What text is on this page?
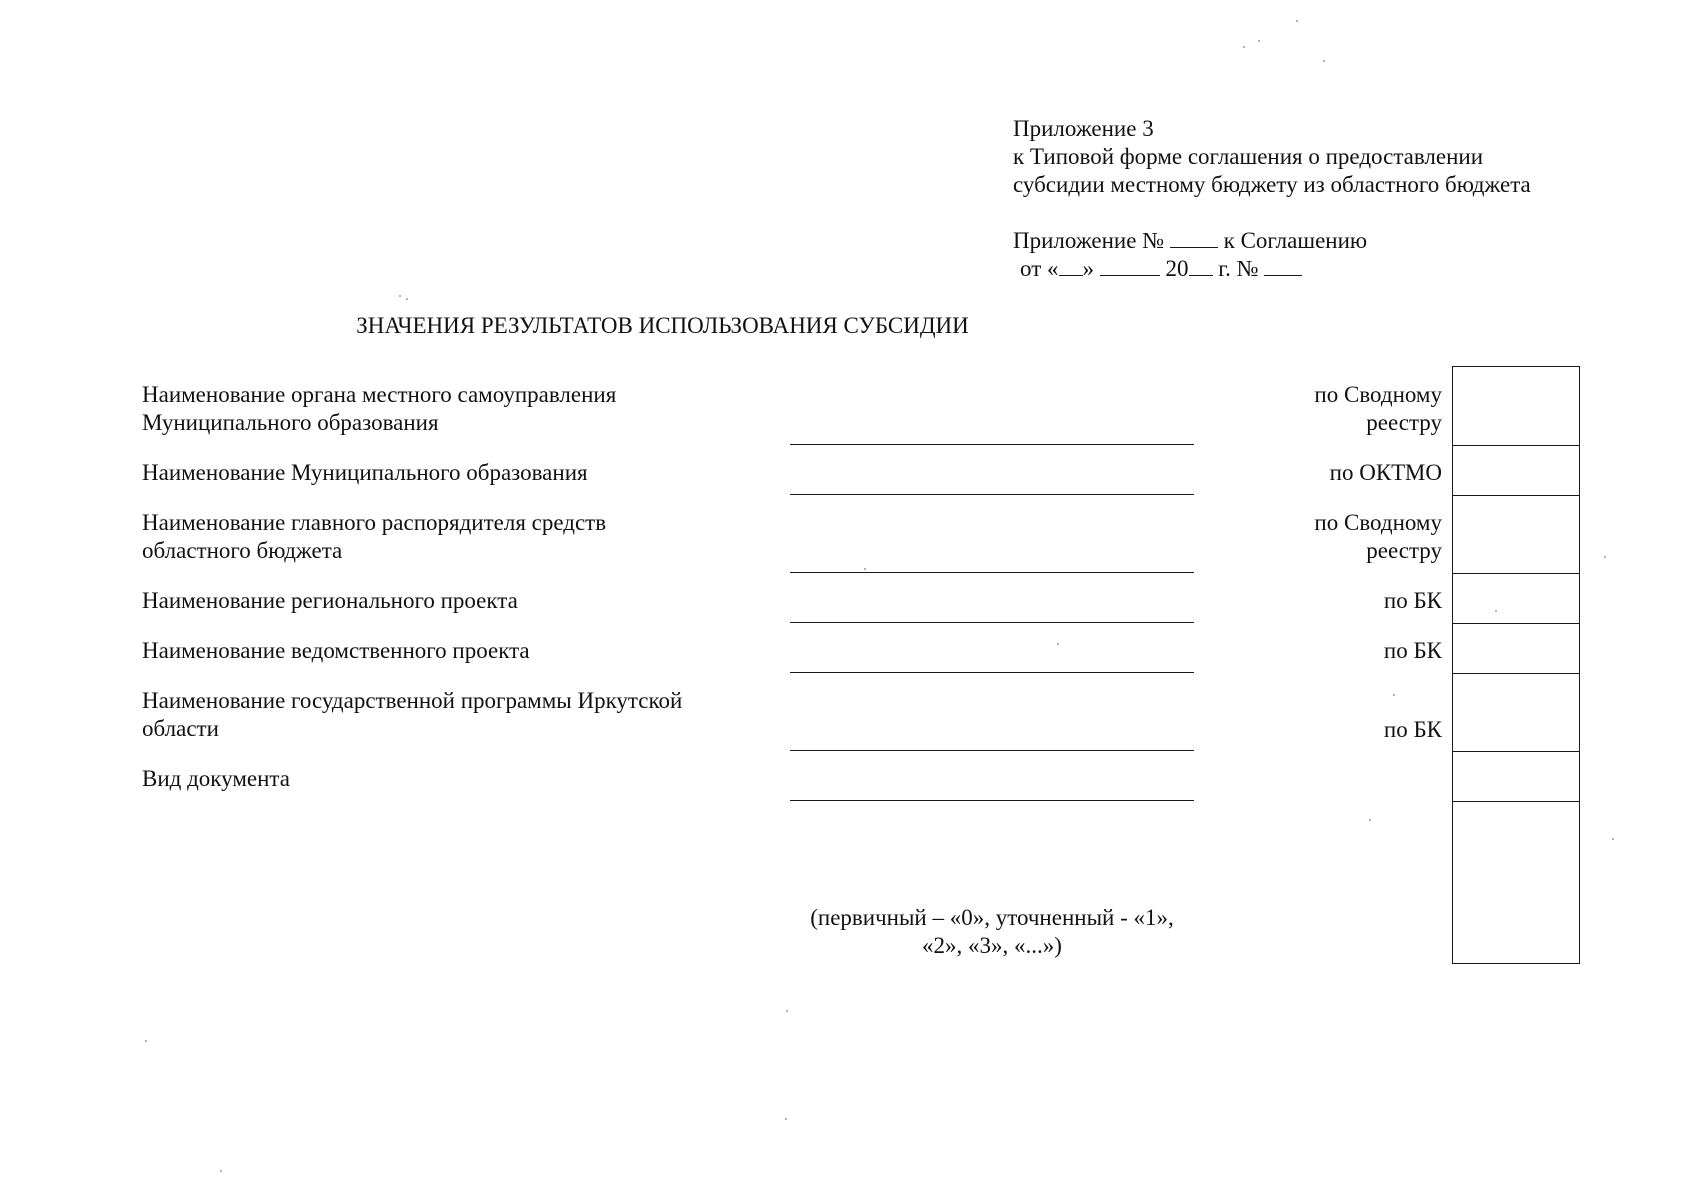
Приложение 3
к Типовой форме соглашения о предоставлении
субсидии местному бюджету из областного бюджета
Приложение №	к Соглашению
от « »	20 г. №
ЗНАЧЕНИЯ РЕЗУЛЬТАТОВ ИСПОЛЬЗОВАНИЯ СУБСИДИИ
Наименование органа местного самоуправления
Муниципального образования
Наименование Муниципального образования
Наименование главного распорядителя средств
областного бюджета
Наименование регионального проекта
Наименование ведомственного проекта
Наименование государственной программы Иркутской
области
Вид документа
по Сводному
реестру
по ОКТМО
по Сводному
реестру
по БК
по БК
по БК
(первичный – «0», уточненный - «1»,
«2», «3», «...»)
